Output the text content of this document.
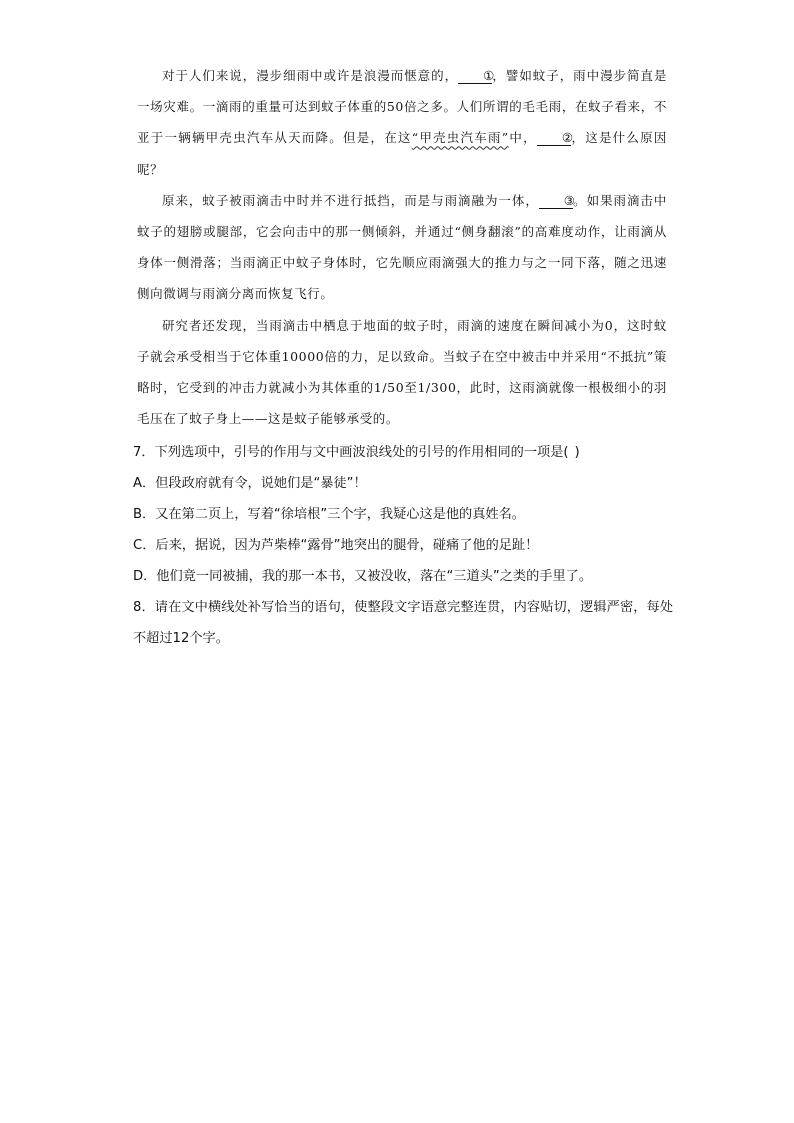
对于人们来说，漫步细雨中或许是浪漫而惬意的， ①，譬如蚊子，雨中漫步简直是一场灾难。一滴雨的重量可达到蚊子体重的50倍之多。人们所谓的毛毛雨，在蚊子看来，不亚于一辆辆甲壳虫汽车从天而降。但是，在这“甲壳虫汽车雨”中， ②，这是什么原因呢？

原来，蚊子被雨滴击中时并不进行抵挡，而是与雨滴融为一体， ③。如果雨滴击中蚊子的翅膀或腿部，它会向击中的那一侧倾斜，并通过“侧身翻滚”的高难度动作，让雨滴从身体一侧滑落；当雨滴正中蚊子身体时，它先顺应雨滴强大的推力与之一同下落，随之迅速侧向微调与雨滴分离而恢复飞行。

研究者还发现，当雨滴击中栖息于地面的蚊子时，雨滴的速度在瞬间减小为0，这时蚊子就会承受相当于它体重10000倍的力，足以致命。当蚊子在空中被击中并采用“不抵抗”策略时，它受到的冲击力就减小为其体重的1/50至1/300，此时，这雨滴就像一根极细小的羽毛压在了蚊子身上——这是蚊子能够承受的。

7．下列选项中，引号的作用与文中画波浪线处的引号的作用相同的一项是( )
A．但段政府就有令，说她们是“暴徒”！
B．又在第二页上，写着“徐培根”三个字，我疑心这是他的真姓名。
C．后来，据说，因为芦柴棒“露骨”地突出的腿骨，碰痛了他的足趾！
D．他们竟一同被捕，我的那一本书，又被没收，落在“三道头”之类的手里了。
8．请在文中横线处补写恰当的语句，使整段文字语意完整连贯，内容贴切，逻辑严密，每处不超过12个字。
